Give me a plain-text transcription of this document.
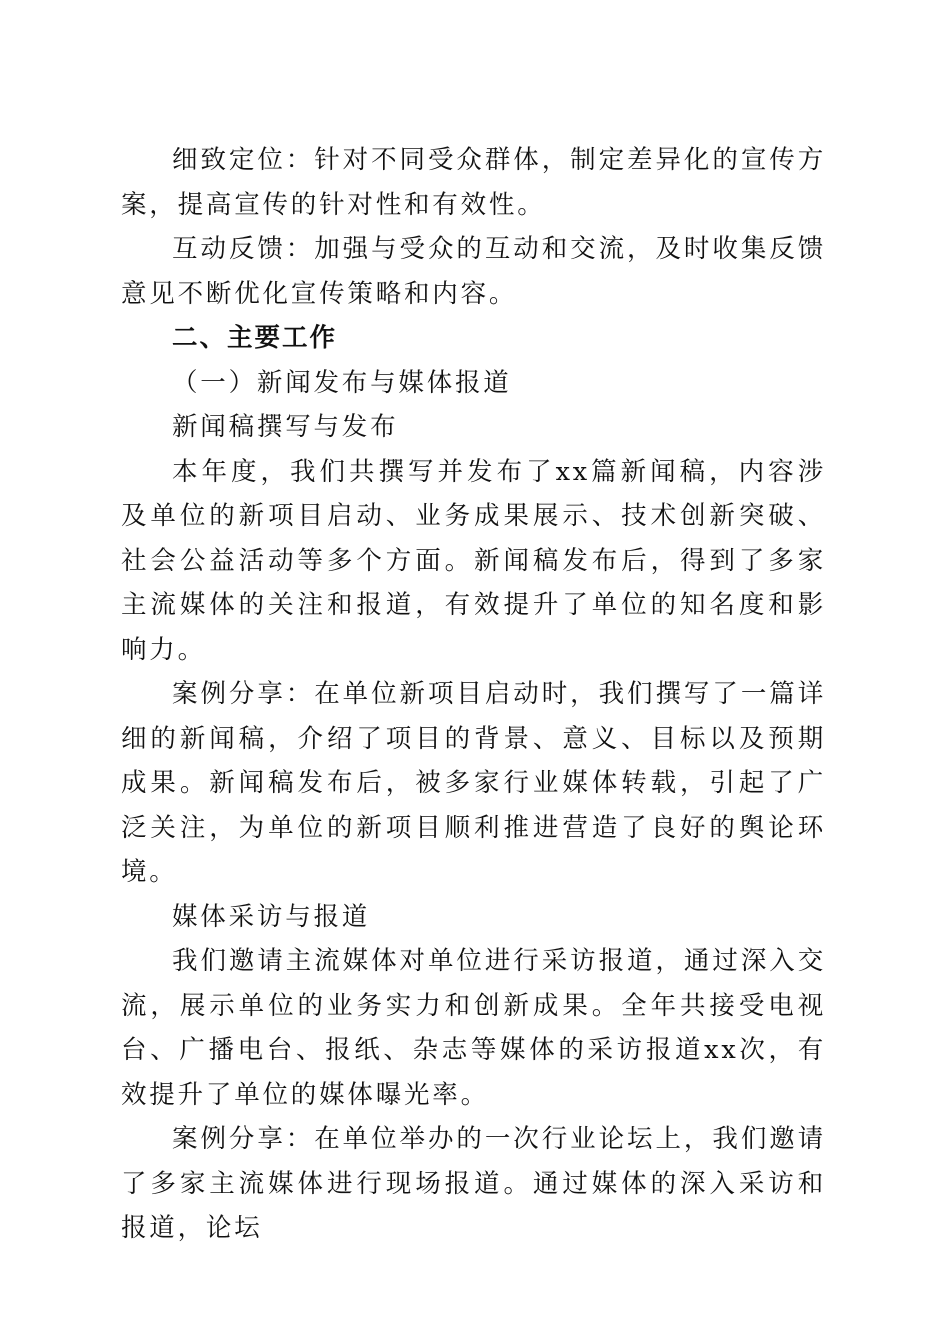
细致定位：针对不同受众群体，制定差异化的宣传方案，提高宣传的针对性和有效性。

互动反馈：加强与受众的互动和交流，及时收集反馈意见不断优化宣传策略和内容。

二、主要工作

（一）新闻发布与媒体报道

新闻稿撰写与发布

本年度，我们共撰写并发布了xx篇新闻稿，内容涉及单位的新项目启动、业务成果展示、技术创新突破、社会公益活动等多个方面。新闻稿发布后，得到了多家主流媒体的关注和报道，有效提升了单位的知名度和影响力。

案例分享：在单位新项目启动时，我们撰写了一篇详细的新闻稿，介绍了项目的背景、意义、目标以及预期成果。新闻稿发布后，被多家行业媒体转载，引起了广泛关注，为单位的新项目顺利推进营造了良好的舆论环境。

媒体采访与报道

我们邀请主流媒体对单位进行采访报道，通过深入交流，展示单位的业务实力和创新成果。全年共接受电视台、广播电台、报纸、杂志等媒体的采访报道xx次，有效提升了单位的媒体曝光率。

案例分享：在单位举办的一次行业论坛上，我们邀请了多家主流媒体进行现场报道。通过媒体的深入采访和报道，论坛
